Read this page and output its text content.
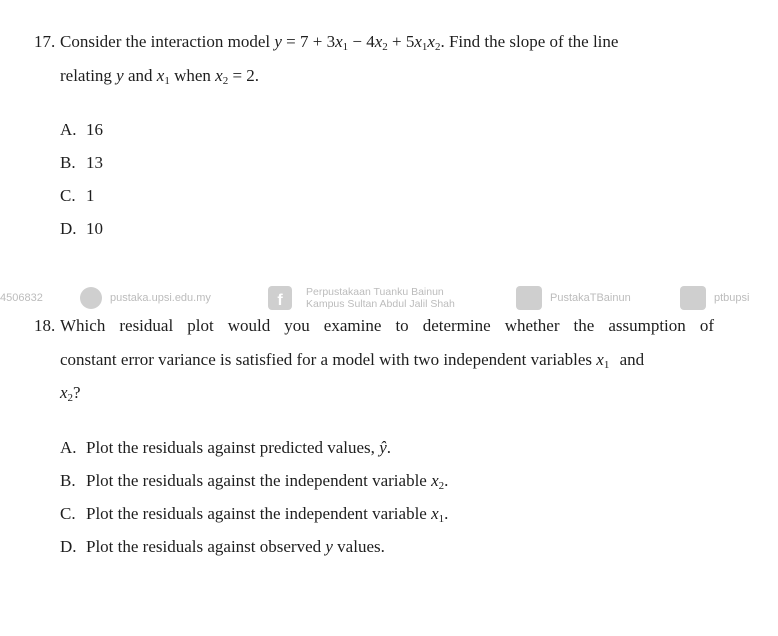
17. Consider the interaction model $y = 7 + 3x_1 - 4x_2 + 5x_1x_2$. Find the slope of the line
relating y and $x_1$ when $x_2 = 2$.
A. 16
B. 13
C. 1
D. 10
4506832	pustaka.upsi.edu.my	f Perpustakaan Tuanku Bainun
Kampus Sultan Abdul Jalil Shah	PustakaTBainun	ptbupsi
18. Which residual plot would you examine to determine whether the assumption of
constant error variance is satisfied for a model with two independent variables $x_1$ and
$x_2$?
A. Plot the residuals against predicted values, ŷ.
B. Plot the residuals against the independent variable $x_2$.
C. Plot the residuals against the independent variable $x_1$.
D. Plot the residuals against observed y values.
